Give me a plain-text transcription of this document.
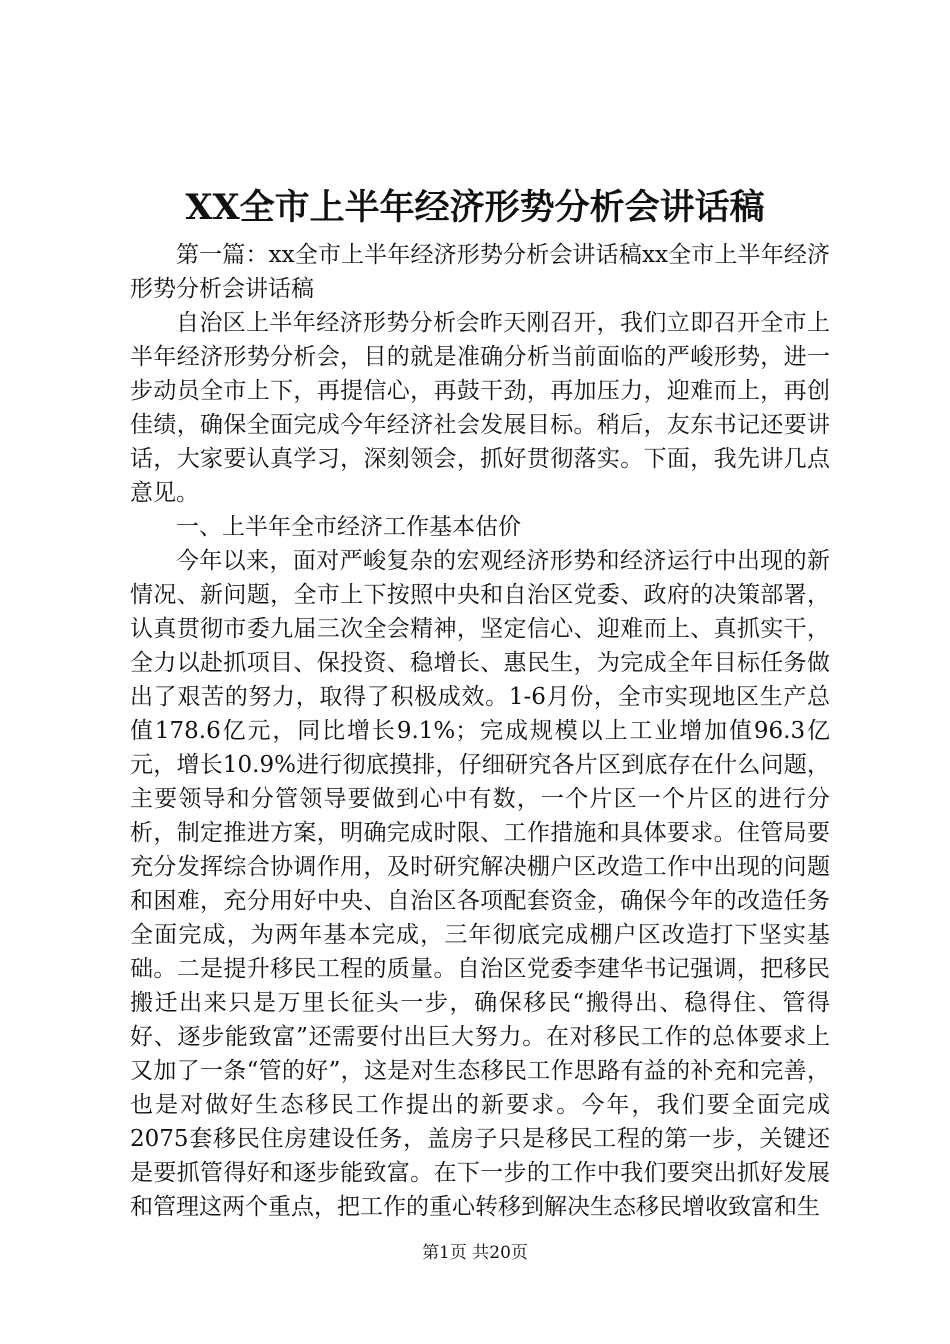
XX全市上半年经济形势分析会讲话稿

第一篇：xx全市上半年经济形势分析会讲话稿xx全市上半年经济形势分析会讲话稿

自治区上半年经济形势分析会昨天刚召开，我们立即召开全市上半年经济形势分析会，目的就是准确分析当前面临的严峻形势，进一步动员全市上下，再提信心，再鼓干劲，再加压力，迎难而上，再创佳绩，确保全面完成今年经济社会发展目标。稍后，友东书记还要讲话，大家要认真学习，深刻领会，抓好贯彻落实。下面，我先讲几点意见。

一、上半年全市经济工作基本估价

今年以来，面对严峻复杂的宏观经济形势和经济运行中出现的新情况、新问题，全市上下按照中央和自治区党委、政府的决策部署，认真贯彻市委九届三次全会精神，坚定信心、迎难而上、真抓实干，全力以赴抓项目、保投资、稳增长、惠民生，为完成全年目标任务做出了艰苦的努力，取得了积极成效。1-6月份，全市实现地区生产总值178.6亿元，同比增长9.1%；完成规模以上工业增加值96.3亿元，增长10.9%进行彻底摸排，仔细研究各片区到底存在什么问题，主要领导和分管领导要做到心中有数，一个片区一个片区的进行分析，制定推进方案，明确完成时限、工作措施和具体要求。住管局要充分发挥综合协调作用，及时研究解决棚户区改造工作中出现的问题和困难，充分用好中央、自治区各项配套资金，确保今年的改造任务全面完成，为两年基本完成，三年彻底完成棚户区改造打下坚实基础。二是提升移民工程的质量。自治区党委李建华书记强调，把移民搬迁出来只是万里长征头一步，确保移民“搬得出、稳得住、管得好、逐步能致富”还需要付出巨大努力。在对移民工作的总体要求上又加了一条“管的好”，这是对生态移民工作思路有益的补充和完善，也是对做好生态移民工作提出的新要求。今年，我们要全面完成2075套移民住房建设任务，盖房子只是移民工程的第一步，关键还是要抓管得好和逐步能致富。在下一步的工作中我们要突出抓好发展和管理这两个重点，把工作的重心转移到解决生态移民增收致富和生

第1页 共20页
